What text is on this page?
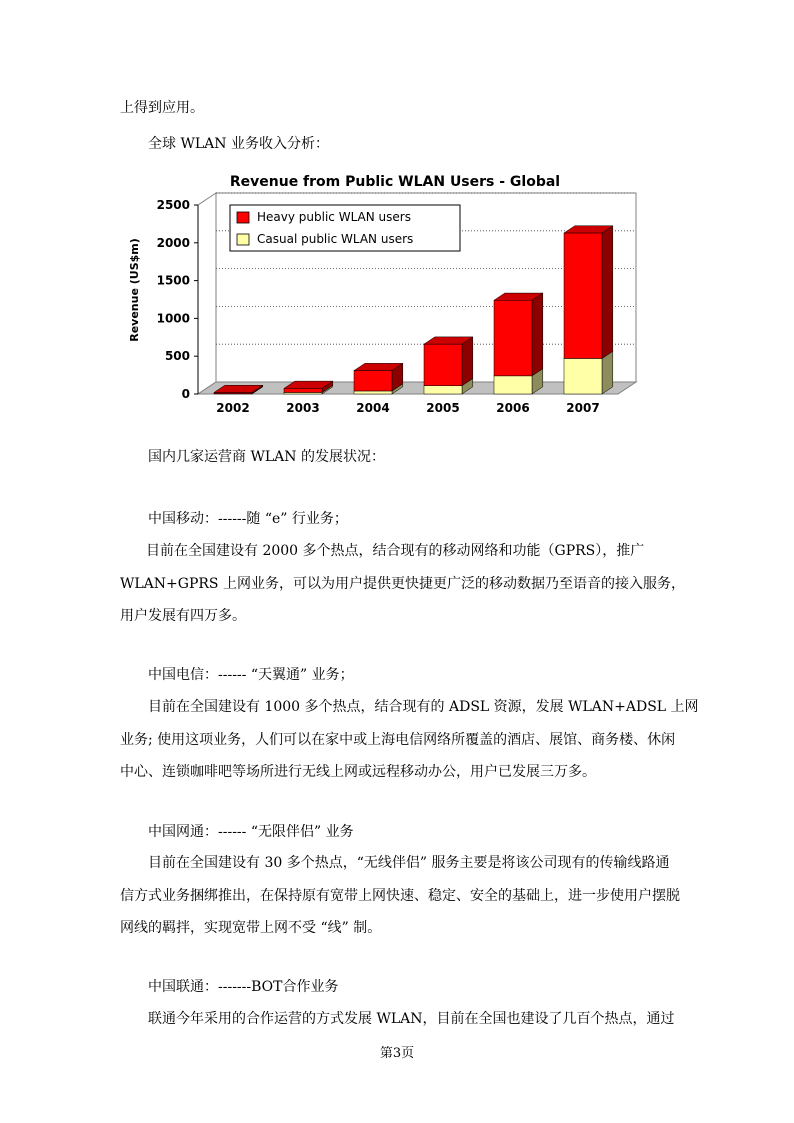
上得到应用。
全球 WLAN 业务收入分析：
Revenue from Public WLAN Users - Global
0
500
1000
1500
2000
2500
2002	2003	2004	2005	2006	2007
Revenue (US$m)
Heavy public WLAN users
Casual public WLAN users
国内几家运营商 WLAN 的发展状况：
中国移动：------随 “e” 行业务；
目前在全国建设有 2000 多个热点，结合现有的移动网络和功能（GPRS），推广
WLAN+GPRS 上网业务，可以为用户提供更快捷更广泛的移动数据乃至语音的接入服务，
用户发展有四万多。
中国电信：------ “天翼通” 业务；
目前在全国建设有 1000 多个热点，结合现有的 ADSL 资源，发展 WLAN+ADSL 上网
业务; 使用这项业务，人们可以在家中或上海电信网络所覆盖的酒店、展馆、商务楼、休闲
中心、连锁咖啡吧等场所进行无线上网或远程移动办公，用户已发展三万多。
中国网通：------ “无限伴侣” 业务
目前在全国建设有 30 多个热点，“无线伴侣” 服务主要是将该公司现有的传输线路通
信方式业务捆绑推出，在保持原有宽带上网快速、稳定、安全的基础上，进一步使用户摆脱
网线的羁拌，实现宽带上网不受 “线” 制。
中国联通：-------BOT合作业务
联通今年采用的合作运营的方式发展 WLAN，目前在全国也建设了几百个热点，通过
第3页
